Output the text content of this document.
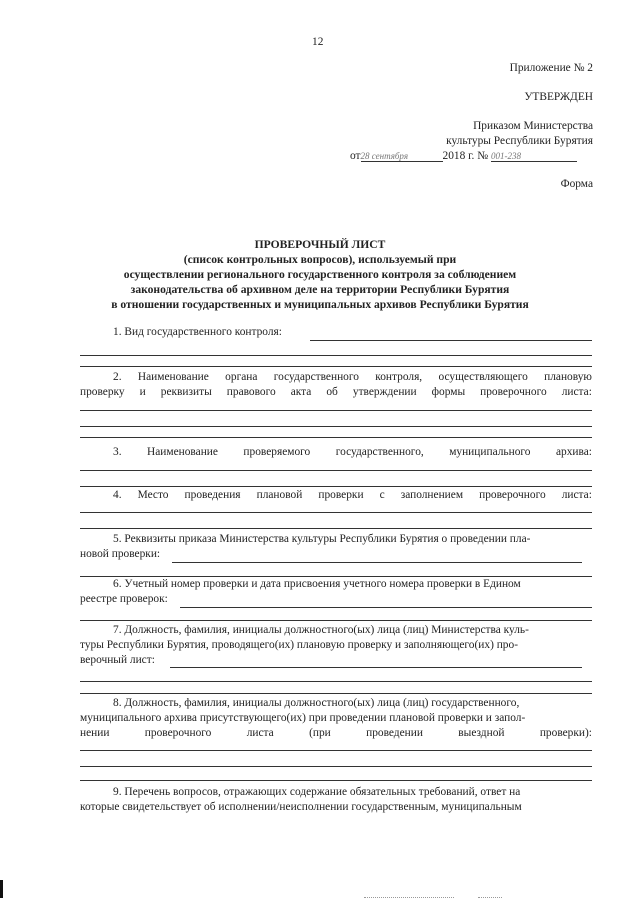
12
Приложение № 2
УТВЕРЖДЕН
Приказом Министерства
культуры Республики Бурятия
от28 сентября	2018 г. № 001-238
Форма
ПРОВЕРОЧНЫЙ ЛИСТ
(список контрольных вопросов), используемый при
осуществлении регионального государственного контроля за соблюдением
законодательства об архивном деле на территории Республики Бурятия
в отношении государственных и муниципальных архивов Республики Бурятия
1. Вид государственного контроля:
2. Наименование органа государственного контроля, осуществляющего плановую
проверку и реквизиты правового акта об утверждении формы проверочного листа:
3. Наименование проверяемого государственного, муниципального архива:
4. Место проведения плановой проверки с заполнением проверочного листа:
5. Реквизиты приказа Министерства культуры Республики Бурятия о проведении пла-
новой проверки:
6. Учетный номер проверки и дата присвоения учетного номера проверки в Едином
реестре проверок:
7. Должность, фамилия, инициалы должностного(ых) лица (лиц) Министерства куль-
туры Республики Бурятия, проводящего(их) плановую проверку и заполняющего(их) про-
верочный лист:
8. Должность, фамилия, инициалы должностного(ых) лица (лиц) государственного,
муниципального архива присутствующего(их) при проведении плановой проверки и запол-
нении	проверочного	листа	(при	проведении	выездной	проверки):
9. Перечень вопросов, отражающих содержание обязательных требований, ответ на
которые свидетельствует об исполнении/неисполнении государственным, муниципальным
